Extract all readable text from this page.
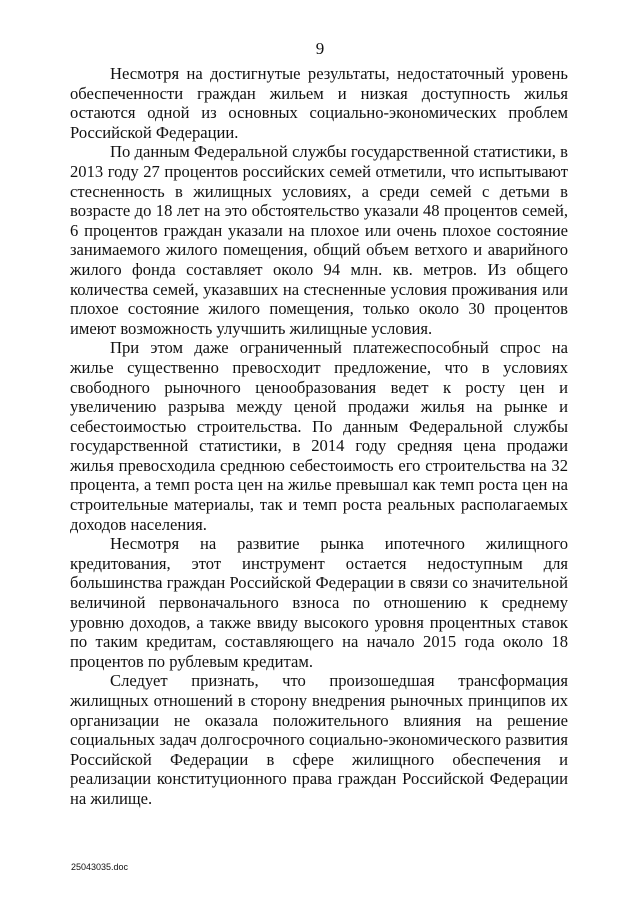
9

Несмотря на достигнутые результаты, недостаточный уровень обеспеченности граждан жильем и низкая доступность жилья остаются одной из основных социально-экономических проблем Российской Федерации.

По данным Федеральной службы государственной статистики, в 2013 году 27 процентов российских семей отметили, что испытывают стесненность в жилищных условиях, а среди семей с детьми в возрасте до 18 лет на это обстоятельство указали 48 процентов семей, 6 процентов граждан указали на плохое или очень плохое состояние занимаемого жилого помещения, общий объем ветхого и аварийного жилого фонда составляет около 94 млн. кв. метров. Из общего количества семей, указавших на стесненные условия проживания или плохое состояние жилого помещения, только около 30 процентов имеют возможность улучшить жилищные условия.

При этом даже ограниченный платежеспособный спрос на жилье существенно превосходит предложение, что в условиях свободного рыночного ценообразования ведет к росту цен и увеличению разрыва между ценой продажи жилья на рынке и себестоимостью строительства. По данным Федеральной службы государственной статистики, в 2014 году средняя цена продажи жилья превосходила среднюю себестоимость его строительства на 32 процента, а темп роста цен на жилье превышал как темп роста цен на строительные материалы, так и темп роста реальных располагаемых доходов населения.

Несмотря на развитие рынка ипотечного жилищного кредитования, этот инструмент остается недоступным для большинства граждан Российской Федерации в связи со значительной величиной первоначального взноса по отношению к среднему уровню доходов, а также ввиду высокого уровня процентных ставок по таким кредитам, составляющего на начало 2015 года около 18 процентов по рублевым кредитам.

Следует признать, что произошедшая трансформация жилищных отношений в сторону внедрения рыночных принципов их организации не оказала положительного влияния на решение социальных задач долгосрочного социально-экономического развития Российской Федерации в сфере жилищного обеспечения и реализации конституционного права граждан Российской Федерации на жилище.

25043035.doc
